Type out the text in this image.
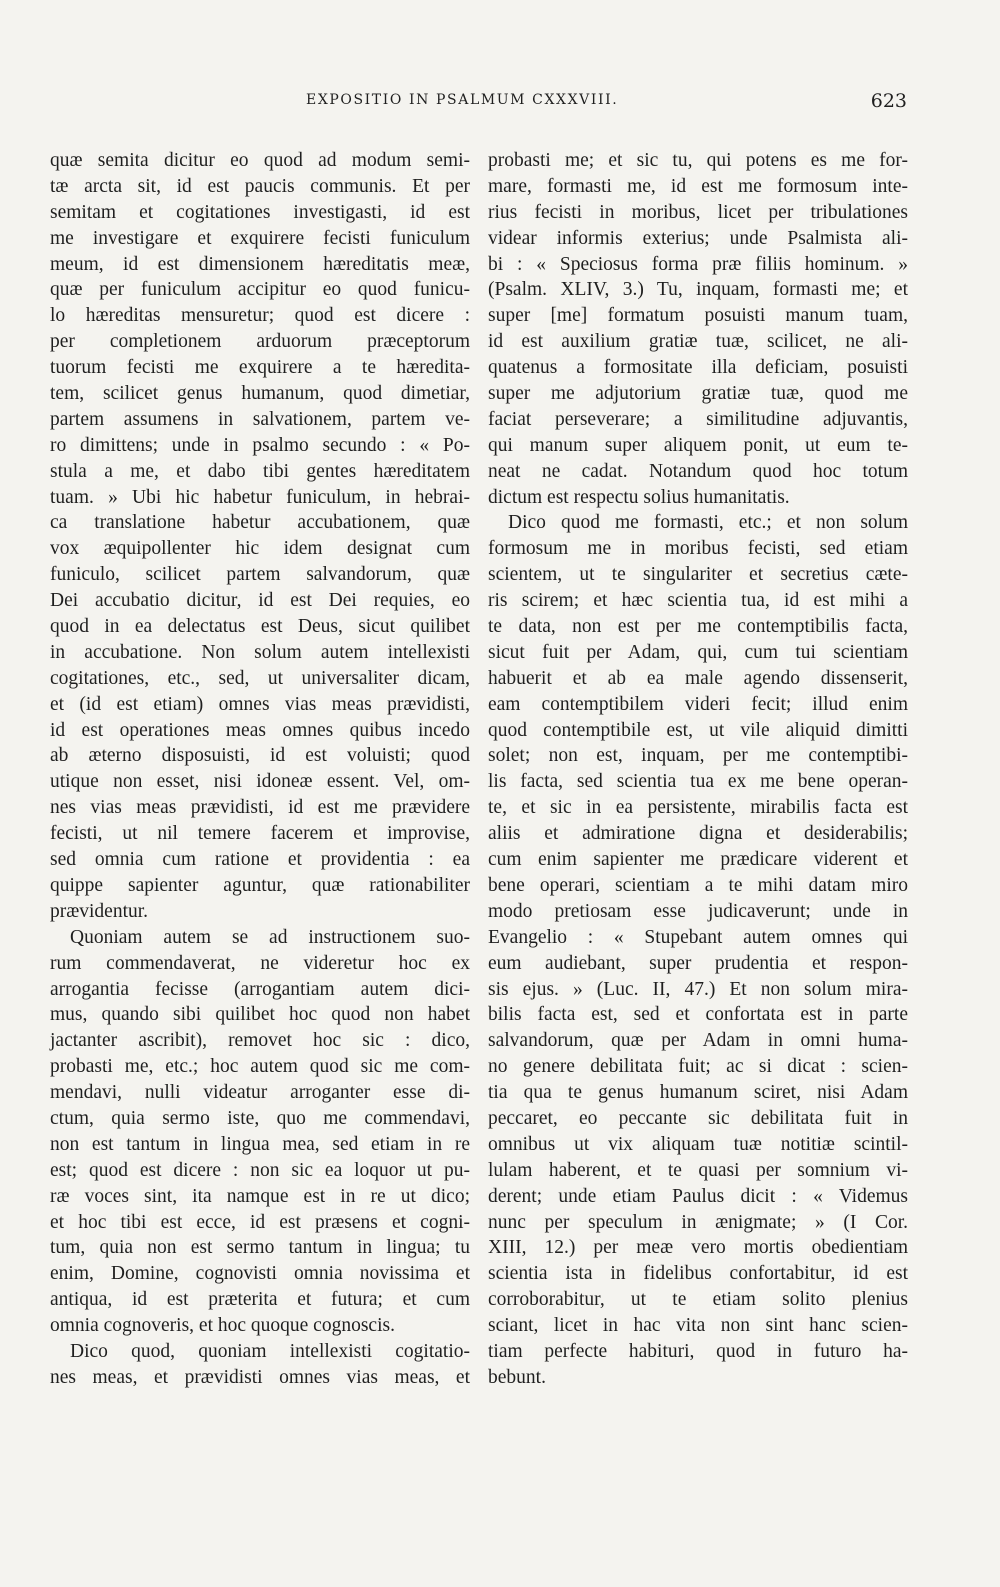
EXPOSITIO IN PSALMUM CXXXVIII.	623
quæ semita dicitur eo quod ad modum semi-
tæ arcta sit, id est paucis communis. Et per
semitam et cogitationes investigasti, id est
me investigare et exquirere fecisti funiculum
meum, id est dimensionem hæreditatis meæ,
quæ per funiculum accipitur eo quod funicu-
lo hæreditas mensuretur; quod est dicere :
per completionem arduorum præceptorum
tuorum fecisti me exquirere a te hæredita-
tem, scilicet genus humanum, quod dimetiar,
partem assumens in salvationem, partem ve-
ro dimittens; unde in psalmo secundo : « Po-
stula a me, et dabo tibi gentes hæreditatem
tuam. » Ubi hic habetur funiculum, in hebrai-
ca translatione habetur accubationem, quæ
vox æquipollenter hic idem designat cum
funiculo, scilicet partem salvandorum, quæ
Dei accubatio dicitur, id est Dei requies, eo
quod in ea delectatus est Deus, sicut quilibet
in accubatione. Non solum autem intellexisti
cogitationes, etc., sed, ut universaliter dicam,
et (id est etiam) omnes vias meas prævidisti,
id est operationes meas omnes quibus incedo
ab æterno disposuisti, id est voluisti; quod
utique non esset, nisi idoneæ essent. Vel, om-
nes vias meas prævidisti, id est me prævidere
fecisti, ut nil temere facerem et improvise,
sed omnia cum ratione et providentia : ea
quippe sapienter aguntur, quæ rationabiliter
prævidentur.
Quoniam autem se ad instructionem suo-
rum commendaverat, ne videretur hoc ex
arrogantia fecisse (arrogantiam autem dici-
mus, quando sibi quilibet hoc quod non habet
jactanter ascribit), removet hoc sic : dico,
probasti me, etc.; hoc autem quod sic me com-
mendavi, nulli videatur arroganter esse di-
ctum, quia sermo iste, quo me commendavi,
non est tantum in lingua mea, sed etiam in re
est; quod est dicere : non sic ea loquor ut pu-
ræ voces sint, ita namque est in re ut dico;
et hoc tibi est ecce, id est præsens et cogni-
tum, quia non est sermo tantum in lingua; tu
enim, Domine, cognovisti omnia novissima et
antiqua, id est præterita et futura; et cum
omnia cognoveris, et hoc quoque cognoscis.
Dico quod, quoniam intellexisti cogitatio-
nes meas, et prævidisti omnes vias meas, et
probasti me; et sic tu, qui potens es me for-
mare, formasti me, id est me formosum inte-
rius fecisti in moribus, licet per tribulationes
videar informis exterius; unde Psalmista ali-
bi : « Speciosus forma præ filiis hominum. »
(Psalm. XLIV, 3.) Tu, inquam, formasti me; et
super [me] formatum posuisti manum tuam,
id est auxilium gratiæ tuæ, scilicet, ne ali-
quatenus a formositate illa deficiam, posuisti
super me adjutorium gratiæ tuæ, quod me
faciat perseverare; a similitudine adjuvantis,
qui manum super aliquem ponit, ut eum te-
neat ne cadat. Notandum quod hoc totum
dictum est respectu solius humanitatis.
Dico quod me formasti, etc.; et non solum
formosum me in moribus fecisti, sed etiam
scientem, ut te singulariter et secretius cæte-
ris scirem; et hæc scientia tua, id est mihi a
te data, non est per me contemptibilis facta,
sicut fuit per Adam, qui, cum tui scientiam
habuerit et ab ea male agendo dissenserit,
eam contemptibilem videri fecit; illud enim
quod contemptibile est, ut vile aliquid dimitti
solet; non est, inquam, per me contemptibi-
lis facta, sed scientia tua ex me bene operan-
te, et sic in ea persistente, mirabilis facta est
aliis et admiratione digna et desiderabilis;
cum enim sapienter me prædicare viderent et
bene operari, scientiam a te mihi datam miro
modo pretiosam esse judicaverunt; unde in
Evangelio : « Stupebant autem omnes qui
eum audiebant, super prudentia et respon-
sis ejus. » (Luc. II, 47.) Et non solum mira-
bilis facta est, sed et confortata est in parte
salvandorum, quæ per Adam in omni huma-
no genere debilitata fuit; ac si dicat : scien-
tia qua te genus humanum sciret, nisi Adam
peccaret, eo peccante sic debilitata fuit in
omnibus ut vix aliquam tuæ notitiæ scintil-
lulam haberent, et te quasi per somnium vi-
derent; unde etiam Paulus dicit : « Videmus
nunc per speculum in ænigmate; » (I Cor.
XIII, 12.) per meæ vero mortis obedientiam
scientia ista in fidelibus confortabitur, id est
corroborabitur, ut te etiam solito plenius
sciant, licet in hac vita non sint hanc scien-
tiam perfecte habituri, quod in futuro ha-
bebunt.
